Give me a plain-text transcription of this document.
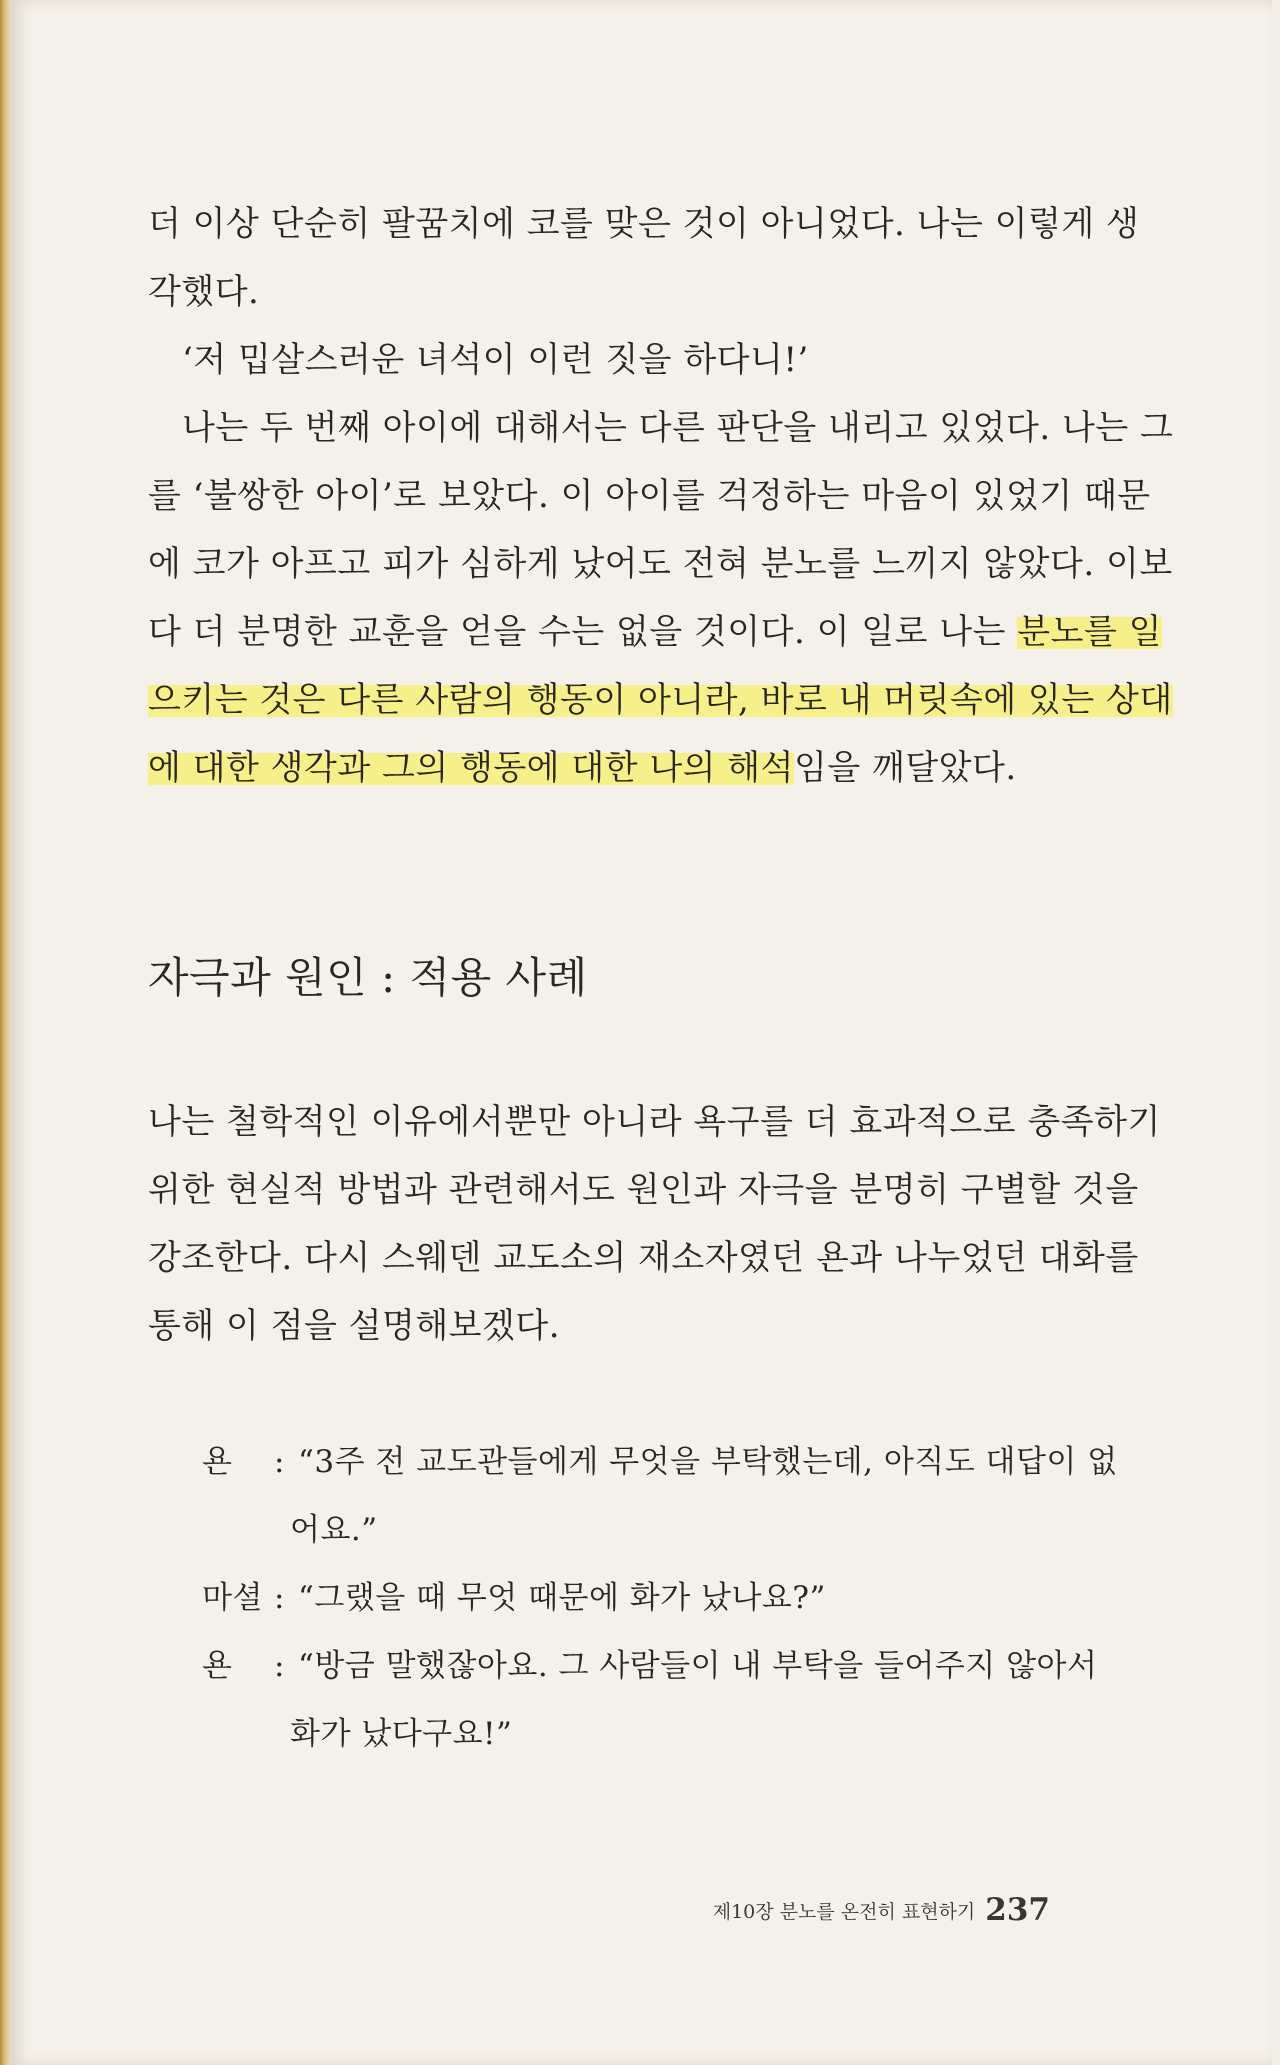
더 이상 단순히 팔꿈치에 코를 맞은 것이 아니었다. 나는 이렇게 생
각했다.
‘저 밉살스러운 녀석이 이런 짓을 하다니!’
나는 두 번째 아이에 대해서는 다른 판단을 내리고 있었다. 나는 그
를 ‘불쌍한 아이’로 보았다. 이 아이를 걱정하는 마음이 있었기 때문
에 코가 아프고 피가 심하게 났어도 전혀 분노를 느끼지 않았다. 이보
다 더 분명한 교훈을 얻을 수는 없을 것이다. 이 일로 나는 분노를 일
으키는 것은 다른 사람의 행동이 아니라, 바로 내 머릿속에 있는 상대
에 대한 생각과 그의 행동에 대한 나의 해석임을 깨달았다.
자극과 원인 : 적용 사례
나는 철학적인 이유에서뿐만 아니라 욕구를 더 효과적으로 충족하기
위한 현실적 방법과 관련해서도 원인과 자극을 분명히 구별할 것을
강조한다. 다시 스웨덴 교도소의 재소자였던 욘과 나누었던 대화를
통해 이 점을 설명해보겠다.
욘	: “3주 전 교도관들에게 무엇을 부탁했는데, 아직도 대답이 없
어요.”
마셜 : “그랬을 때 무엇 때문에 화가 났나요?”
욘	: “방금 말했잖아요. 그 사람들이 내 부탁을 들어주지 않아서
화가 났다구요!”
제10장 분노를 온전히 표현하기 237
